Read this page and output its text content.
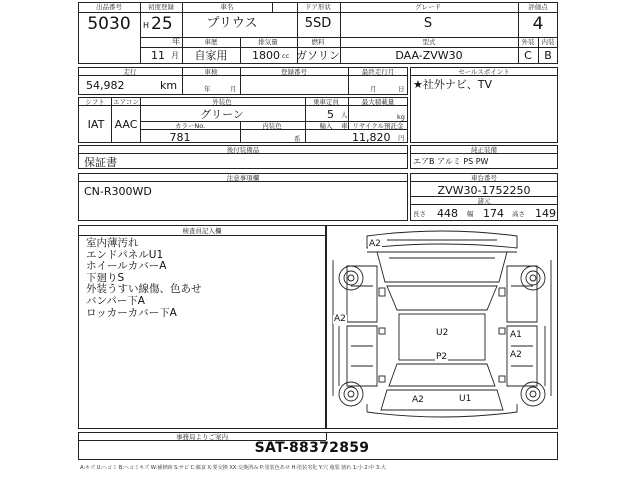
出品番号
5030
初度登録
H 25
年
11 月
車名
プリウス
ドア形状
5SD
グレード
S
評価点
4
車歴
自家用
排気量
1800 cc
燃料
ガソリン
型式
DAA-ZVW30
外装
C
内装
B
走行
54,982	km
車検
年	月
登録番号	最終走行月
月	日
セールスポイント
★社外ナビ、TV
シフト
IAT
エアコン
AAC
外装色
グリーン
カラーNo.
781
内装色
系
乗車定員
5 人
最大積載量
kg
輸入 車 リサイクル預託金
11,820 円
後付装備品
保証書
純正装備
エアB アルミ PS PW
注意事項欄
CN-R300WD
車台番号
ZVW30-1752250
諸元
長さ 448 幅 174 高さ 149
検査員記入欄
室内薄汚れ
エンドパネルU1
ホイールカバーA
下廻りS
外装うすい線傷、色あせ
バンパー下A
ロッカーカバー下A
A2
A2
U2
P2
A1
A2
A2	U1
事務局よりご案内
SAT-88372859
A:キズ U:ヘコミ B:ヘコミキズ W:補修跡 S:サビ C:腐食 X:要交換 XX:交換済み P:塗装色あせ H:塗装劣化 Y:穴 亀裂 割れ 1:小 2:中 3:大
